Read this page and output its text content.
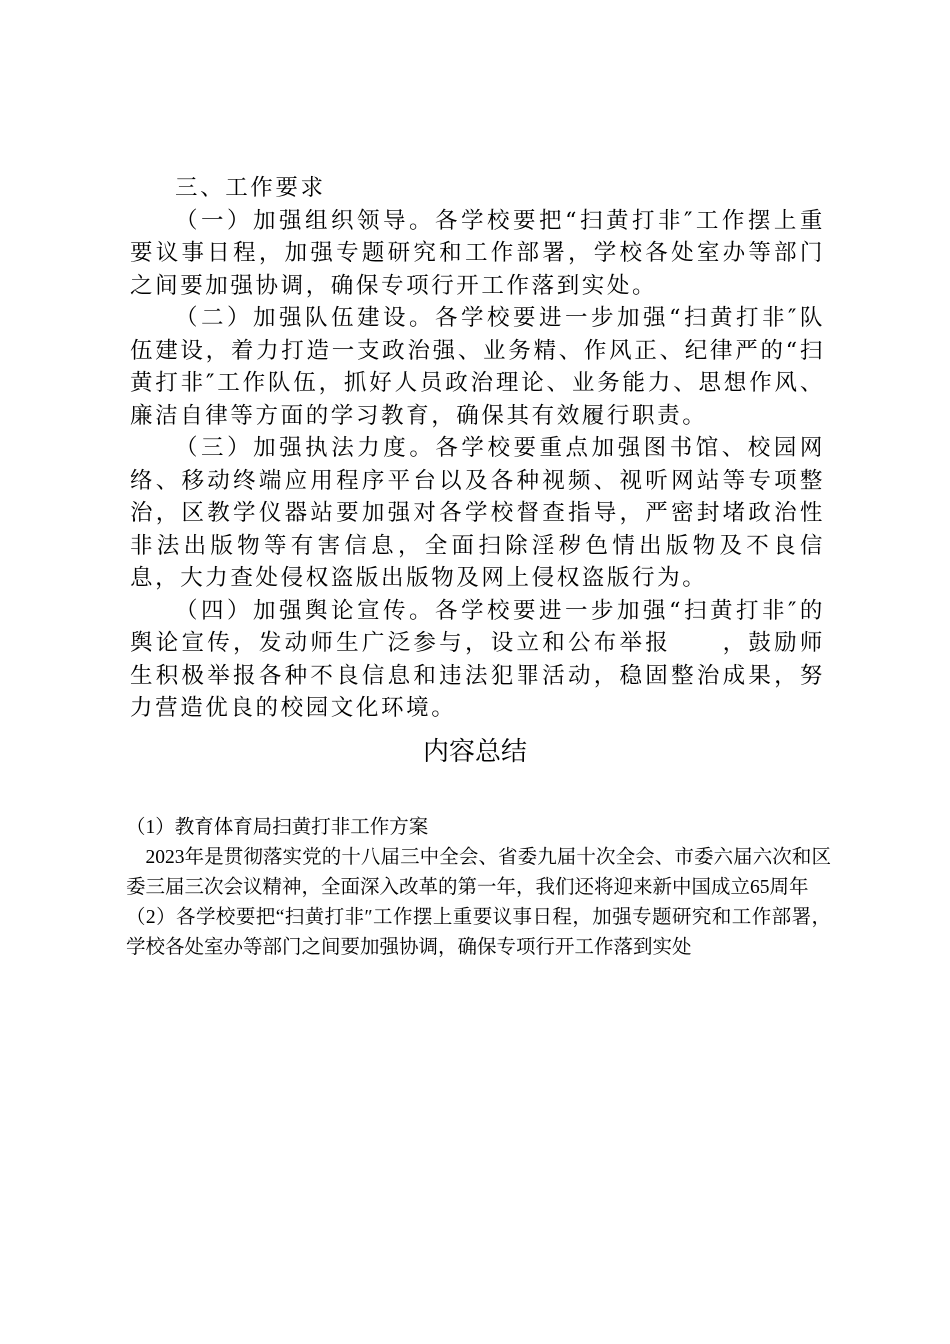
三、工作要求

（一）加强组织领导。各学校要把“扫黄打非″工作摆上重要议事日程，加强专题研究和工作部署，学校各处室办等部门之间要加强协调，确保专项行开工作落到实处。

（二）加强队伍建设。各学校要进一步加强“扫黄打非″队伍建设，着力打造一支政治强、业务精、作风正、纪律严的“扫黄打非″工作队伍，抓好人员政治理论、业务能力、思想作风、廉洁自律等方面的学习教育，确保其有效履行职责。

（三）加强执法力度。各学校要重点加强图书馆、校园网络、移动终端应用程序平台以及各种视频、视听网站等专项整治，区教学仪器站要加强对各学校督查指导，严密封堵政治性非法出版物等有害信息，全面扫除淫秽色情出版物及不良信息，大力查处侵权盗版出版物及网上侵权盗版行为。

（四）加强舆论宣传。各学校要进一步加强“扫黄打非″的舆论宣传，发动师生广泛参与，设立和公布举报　　，鼓励师生积极举报各种不良信息和违法犯罪活动，稳固整治成果，努力营造优良的校园文化环境。

内容总结

（1）教育体育局扫黄打非工作方案

2023年是贯彻落实党的十八届三中全会、省委九届十次全会、市委六届六次和区委三届三次会议精神，全面深入改革的第一年，我们还将迎来新中国成立65周年

（2）各学校要把“扫黄打非″工作摆上重要议事日程，加强专题研究和工作部署，学校各处室办等部门之间要加强协调，确保专项行开工作落到实处
